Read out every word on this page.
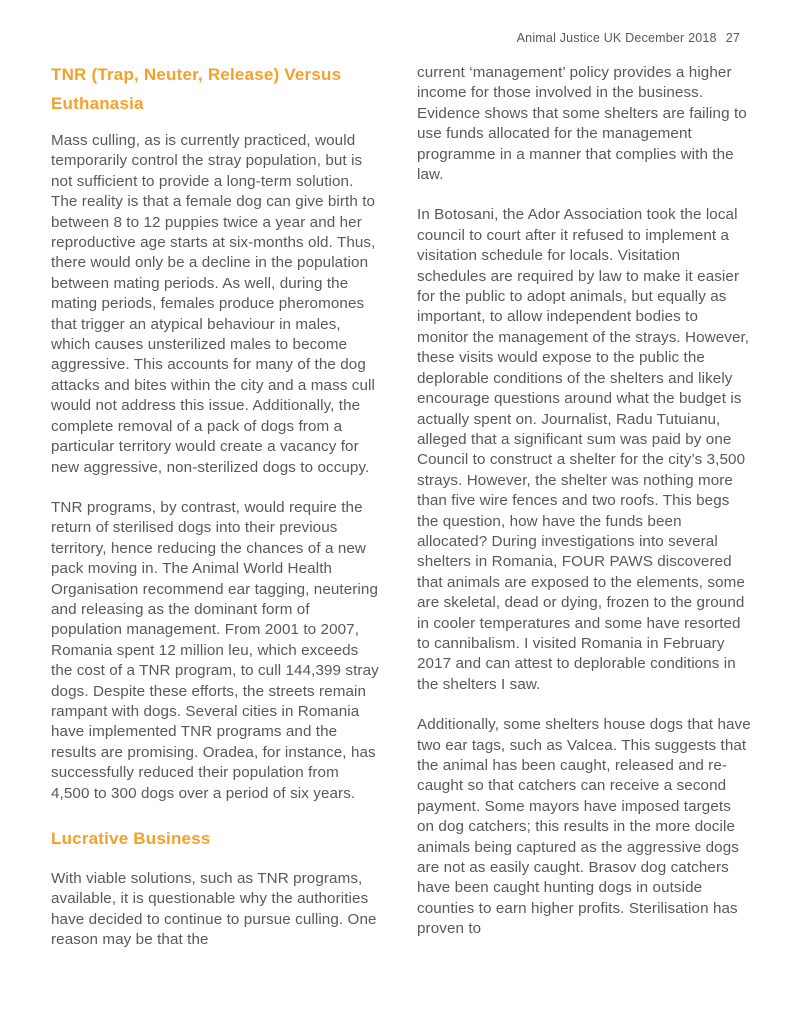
Animal Justice UK December 2018 27
TNR (Trap, Neuter, Release) Versus Euthanasia

Mass culling, as is currently practiced, would temporarily control the stray population, but is not sufficient to provide a long-term solution. The reality is that a female dog can give birth to between 8 to 12 puppies twice a year and her reproductive age starts at six-months old. Thus, there would only be a decline in the population between mating periods. As well, during the mating periods, females produce pheromones that trigger an atypical behaviour in males, which causes unsterilized males to become aggressive. This accounts for many of the dog attacks and bites within the city and a mass cull would not address this issue. Additionally, the complete removal of a pack of dogs from a particular territory would create a vacancy for new aggressive, non-sterilized dogs to occupy.

TNR programs, by contrast, would require the return of sterilised dogs into their previous territory, hence reducing the chances of a new pack moving in. The Animal World Health Organisation recommend ear tagging, neutering and releasing as the dominant form of population management. From 2001 to 2007, Romania spent 12 million leu, which exceeds the cost of a TNR program, to cull 144,399 stray dogs. Despite these efforts, the streets remain rampant with dogs. Several cities in Romania have implemented TNR programs and the results are promising. Oradea, for instance, has successfully reduced their population from 4,500 to 300 dogs over a period of six years.

Lucrative Business

With viable solutions, such as TNR programs, available, it is questionable why the authorities have decided to continue to pursue culling. One reason may be that the

current ‘management’ policy provides a higher income for those involved in the business. Evidence shows that some shelters are failing to use funds allocated for the management programme in a manner that complies with the law.

In Botosani, the Ador Association took the local council to court after it refused to implement a visitation schedule for locals. Visitation schedules are required by law to make it easier for the public to adopt animals, but equally as important, to allow independent bodies to monitor the management of the strays. However, these visits would expose to the public the deplorable conditions of the shelters and likely encourage questions around what the budget is actually spent on. Journalist, Radu Tutuianu, alleged that a significant sum was paid by one Council to construct a shelter for the city’s 3,500 strays. However, the shelter was nothing more than five wire fences and two roofs. This begs the question, how have the funds been allocated? During investigations into several shelters in Romania, FOUR PAWS discovered that animals are exposed to the elements, some are skeletal, dead or dying, frozen to the ground in cooler temperatures and some have resorted to cannibalism. I visited Romania in February 2017 and can attest to deplorable conditions in the shelters I saw.

Additionally, some shelters house dogs that have two ear tags, such as Valcea. This suggests that the animal has been caught, released and re-caught so that catchers can receive a second payment. Some mayors have imposed targets on dog catchers; this results in the more docile animals being captured as the aggressive dogs are not as easily caught. Brasov dog catchers have been caught hunting dogs in outside counties to earn higher profits. Sterilisation has proven to
